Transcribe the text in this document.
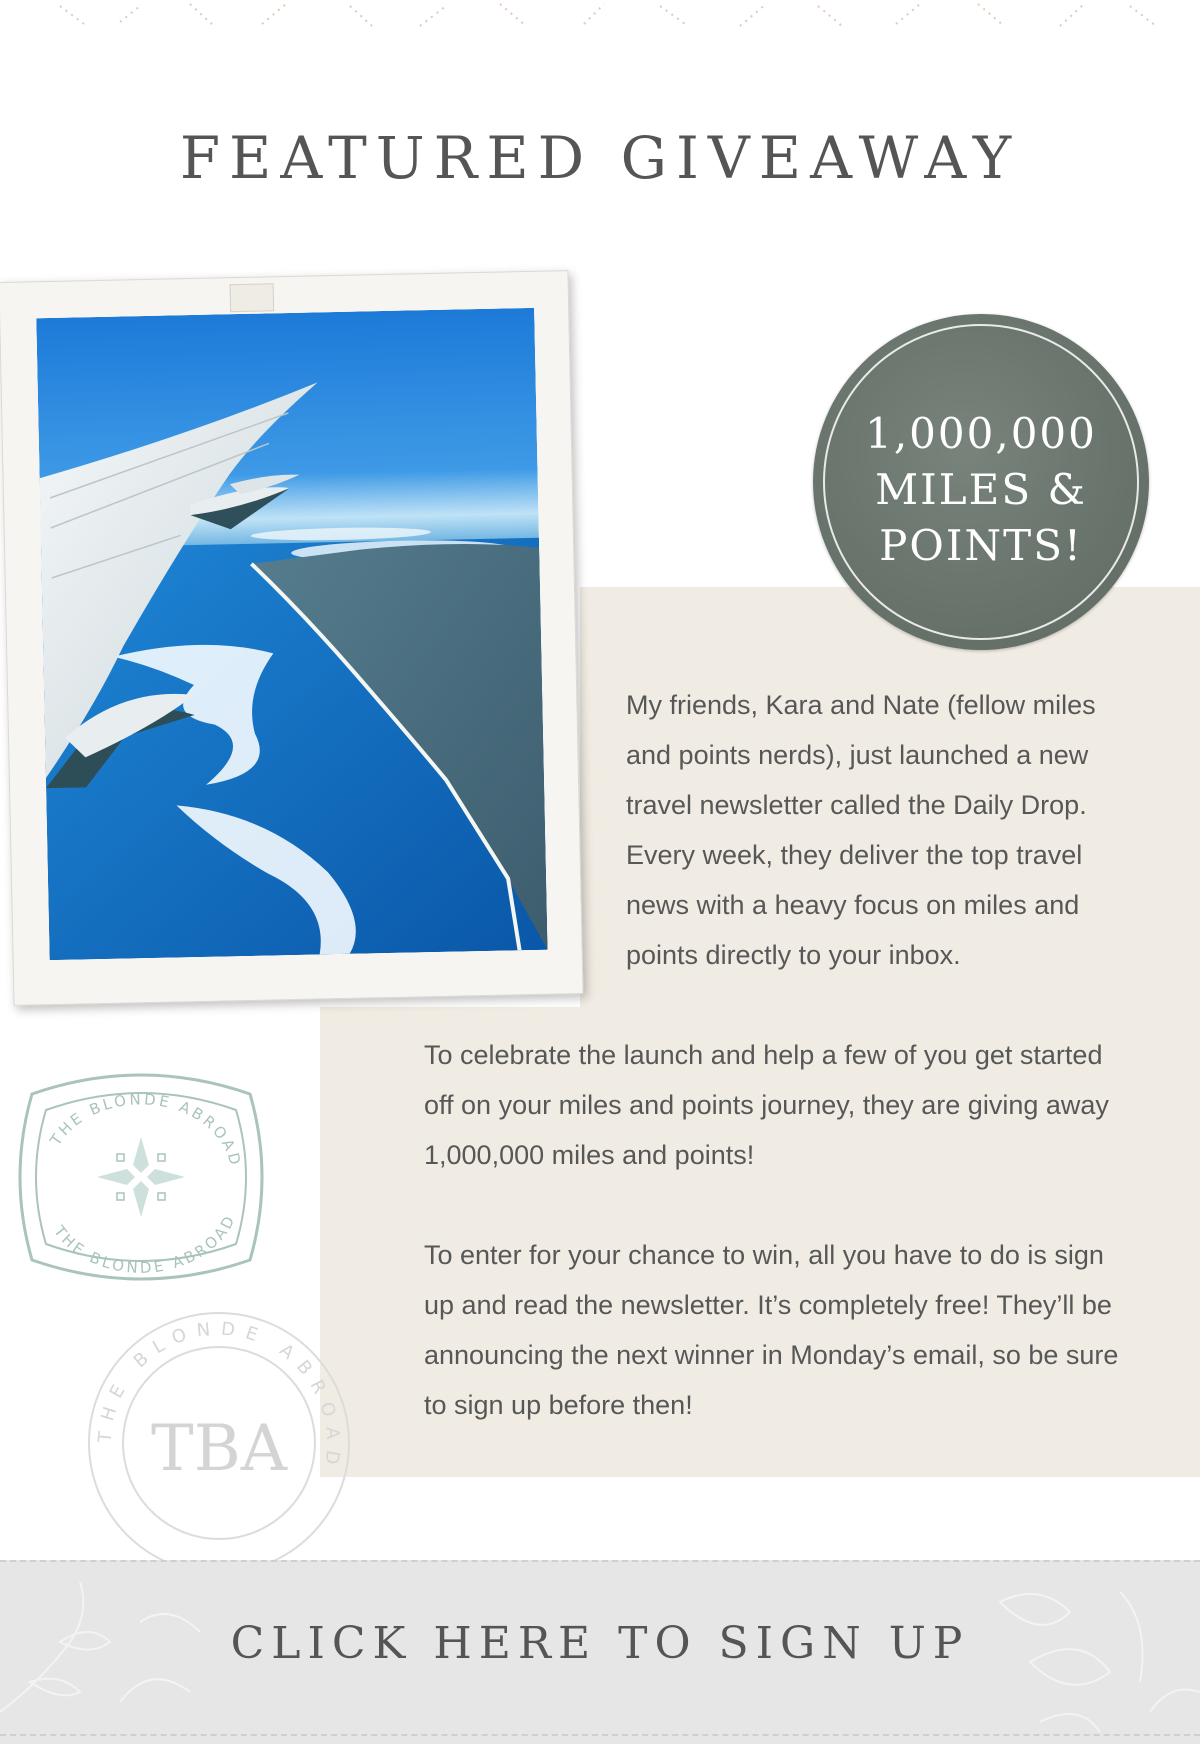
FEATURED GIVEAWAY
1,000,000
MILES &
POINTS!

My friends, Kara and Nate (fellow miles and points nerds), just launched a new travel newsletter called the Daily Drop. Every week, they deliver the top travel news with a heavy focus on miles and points directly to your inbox.

To celebrate the launch and help a few of you get started off on your miles and points journey, they are giving away 1,000,000 miles and points!

To enter for your chance to win, all you have to do is sign up and read the newsletter. It’s completely free! They’ll be announcing the next winner in Monday’s email, so be sure to sign up before then!

THE BLONDE ABROAD
THE BLONDE ABROAD
THE BLONDE ABROAD
TBA
CLICK HERE TO SIGN UP
